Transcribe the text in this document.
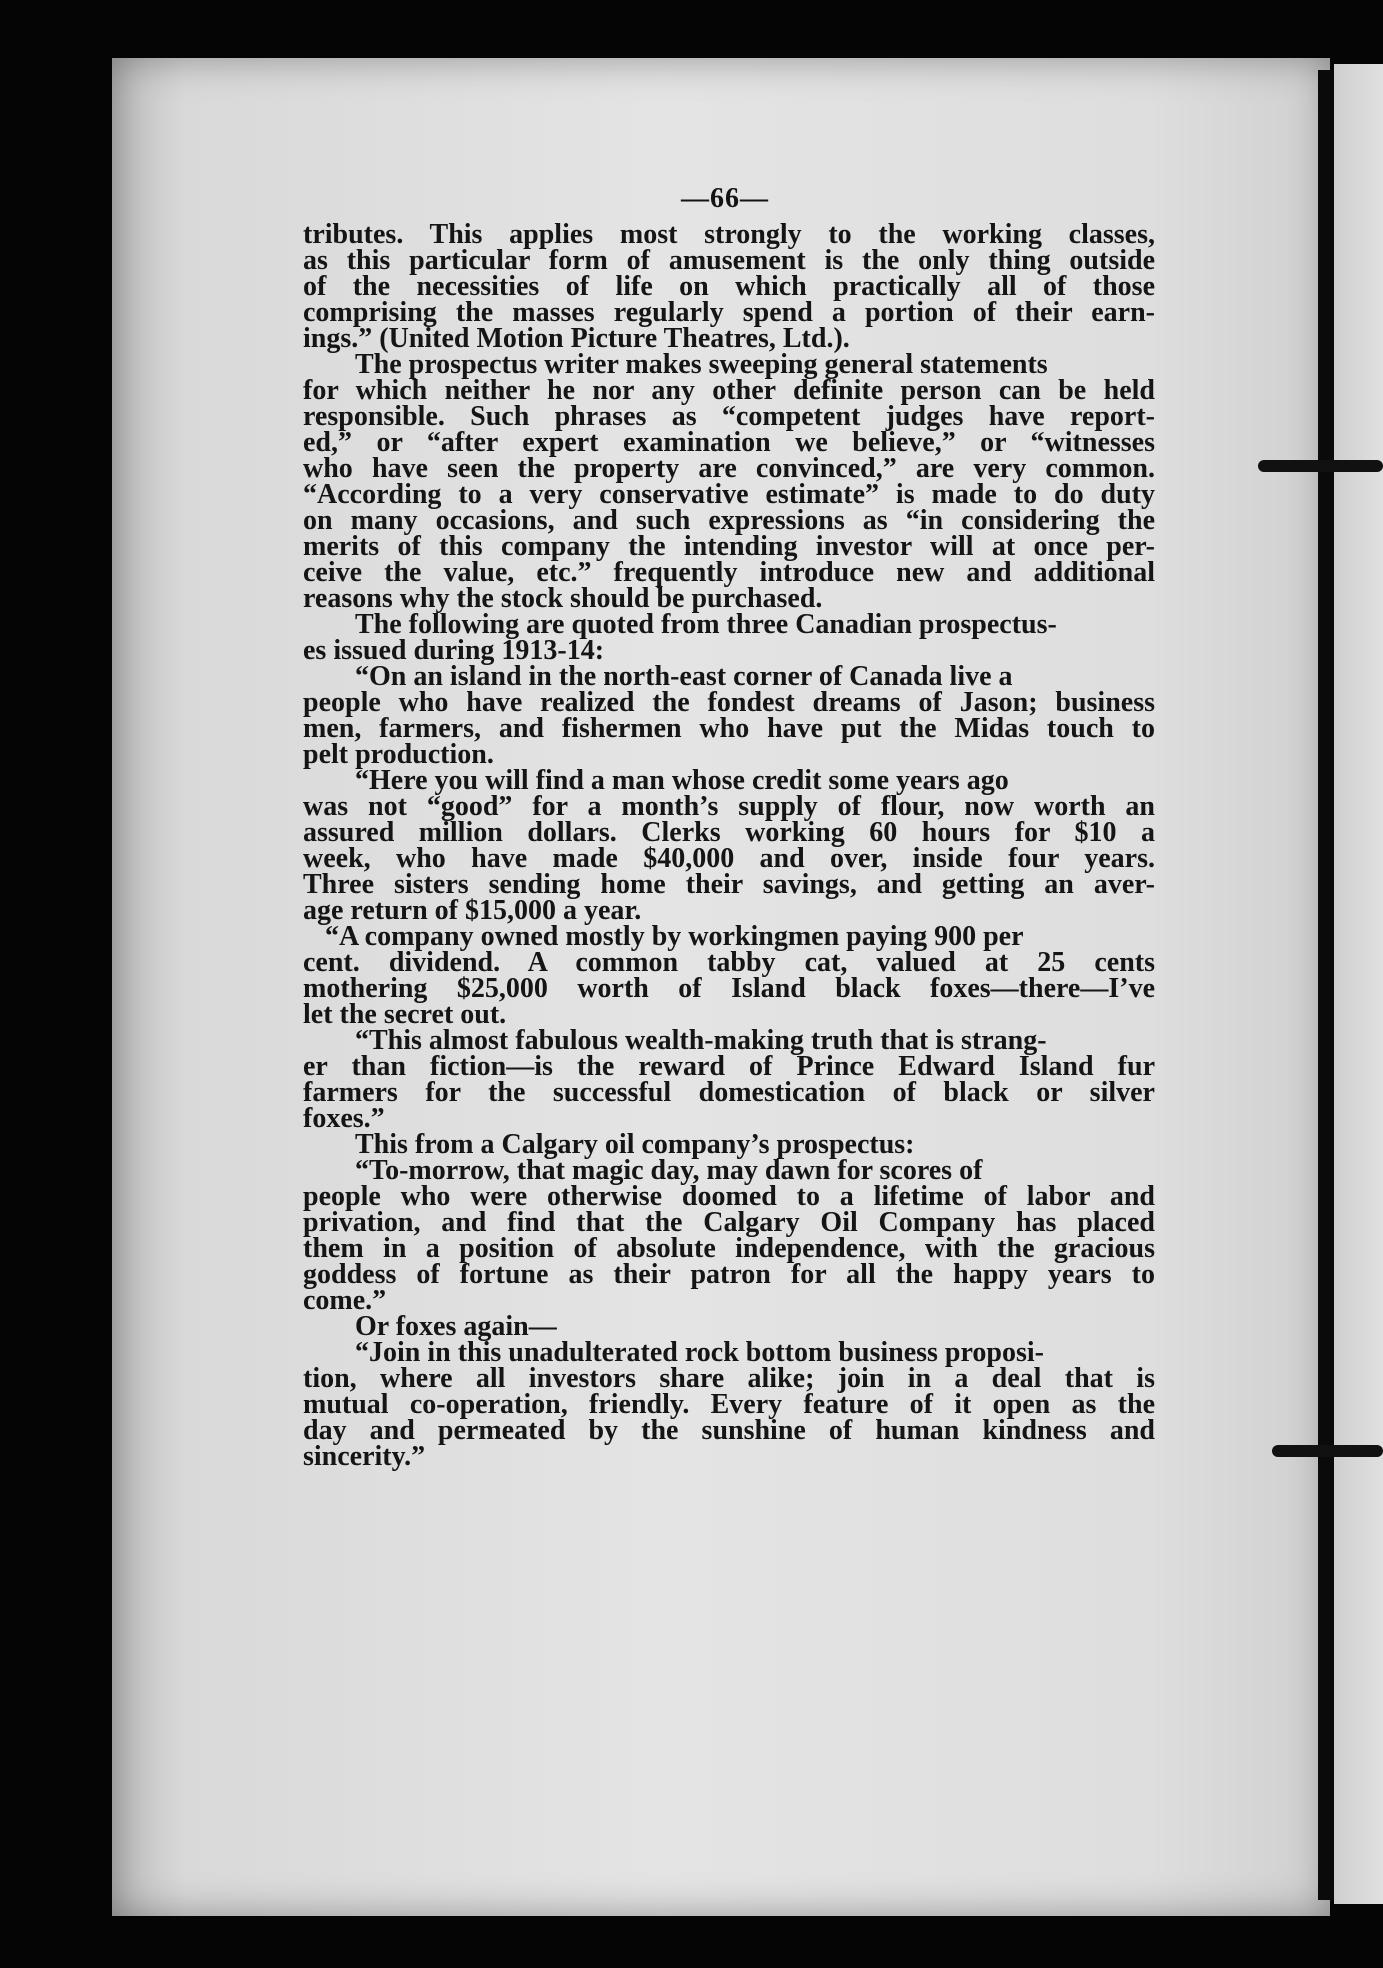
—66—
tributes. This applies most strongly to the working classes,
as this particular form of amusement is the only thing outside
of the necessities of life on which practically all of those
comprising the masses regularly spend a portion of their earn-
ings.” (United Motion Picture Theatres, Ltd.).
The prospectus writer makes sweeping general statements
for which neither he nor any other definite person can be held
responsible. Such phrases as “competent judges have report-
ed,” or “after expert examination we believe,” or “witnesses
who have seen the property are convinced,” are very common.
“According to a very conservative estimate” is made to do duty
on many occasions, and such expressions as “in considering the
merits of this company the intending investor will at once per-
ceive the value, etc.” frequently introduce new and additional
reasons why the stock should be purchased.
The following are quoted from three Canadian prospectus-
es issued during 1913-14:
“On an island in the north-east corner of Canada live a
people who have realized the fondest dreams of Jason; business
men, farmers, and fishermen who have put the Midas touch to
pelt production.
“Here you will find a man whose credit some years ago
was not “good” for a month’s supply of flour, now worth an
assured million dollars. Clerks working 60 hours for $10 a
week, who have made $40,000 and over, inside four years.
Three sisters sending home their savings, and getting an aver-
age return of $15,000 a year.
“A company owned mostly by workingmen paying 900 per
cent. dividend. A common tabby cat, valued at 25 cents
mothering $25,000 worth of Island black foxes—there—I’ve
let the secret out.
“This almost fabulous wealth-making truth that is strang-
er than fiction—is the reward of Prince Edward Island fur
farmers for the successful domestication of black or silver
foxes.”
This from a Calgary oil company’s prospectus:
“To-morrow, that magic day, may dawn for scores of
people who were otherwise doomed to a lifetime of labor and
privation, and find that the Calgary Oil Company has placed
them in a position of absolute independence, with the gracious
goddess of fortune as their patron for all the happy years to
come.”
Or foxes again—
“Join in this unadulterated rock bottom business proposi-
tion, where all investors share alike; join in a deal that is
mutual co-operation, friendly. Every feature of it open as the
day and permeated by the sunshine of human kindness and
sincerity.”
